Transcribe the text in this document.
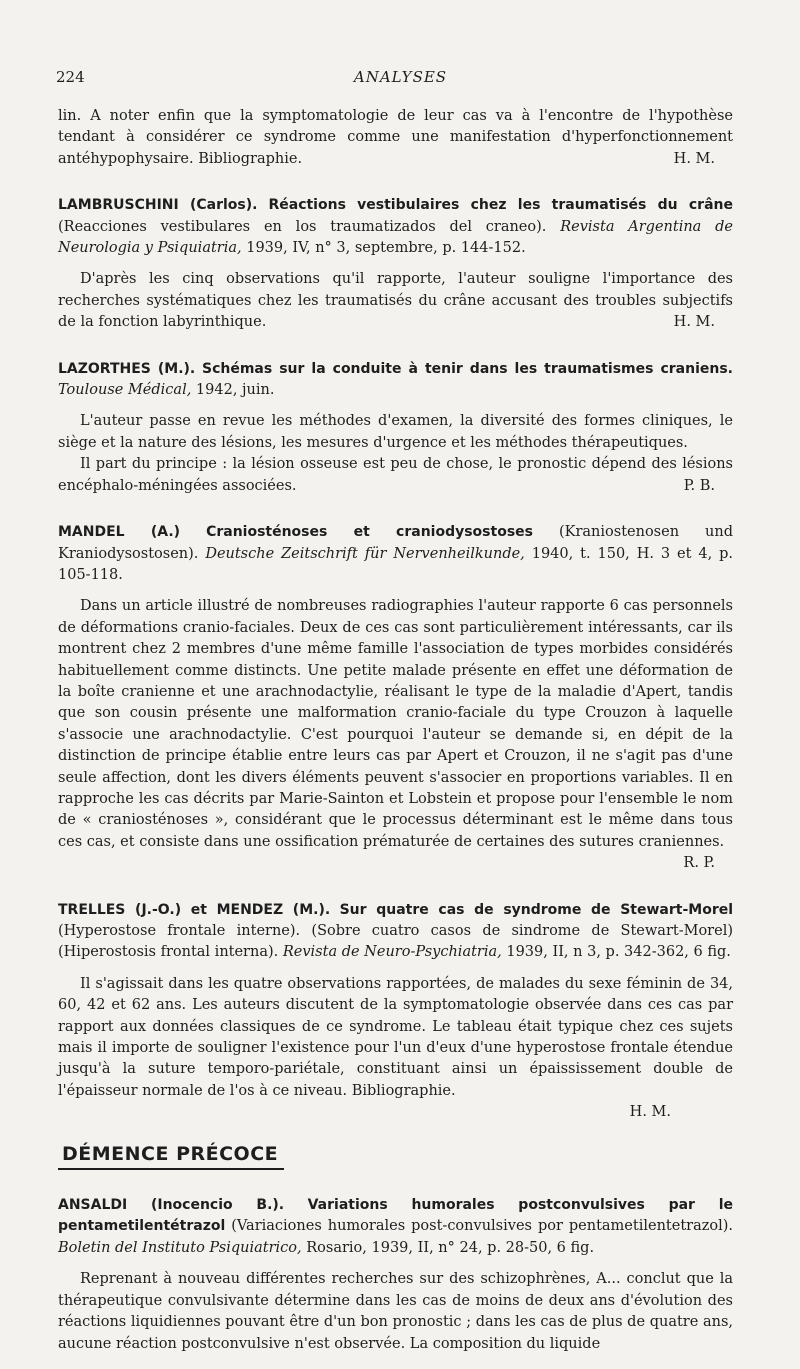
224	ANALYSES

lin. A noter enfin que la symptomatologie de leur cas va à l'encontre de l'hypothèse tendant à considérer ce syndrome comme une manifestation d'hyperfonctionnement antéhypophysaire. Bibliographie.	H. M.

LAMBRUSCHINI (Carlos). Réactions vestibulaires chez les traumatisés du crâne (Reacciones vestibulares en los traumatizados del craneo). Revista Argentina de Neurologia y Psiquiatria, 1939, IV, n° 3, septembre, p. 144-152.

D'après les cinq observations qu'il rapporte, l'auteur souligne l'importance des recherches systématiques chez les traumatisés du crâne accusant des troubles subjectifs de la fonction labyrinthique.	H. M.

LAZORTHES (M.). Schémas sur la conduite à tenir dans les traumatismes craniens. Toulouse Médical, 1942, juin.

L'auteur passe en revue les méthodes d'examen, la diversité des formes cliniques, le siège et la nature des lésions, les mesures d'urgence et les méthodes thérapeutiques.

Il part du principe : la lésion osseuse est peu de chose, le pronostic dépend des lésions encéphalo-méningées associées.	P. B.

MANDEL (A.) Craniosténoses et craniodysostoses (Kraniostenosen und Kraniodysostosen). Deutsche Zeitschrift für Nervenheilkunde, 1940, t. 150, H. 3 et 4, p. 105-118.

Dans un article illustré de nombreuses radiographies l'auteur rapporte 6 cas personnels de déformations cranio-faciales. Deux de ces cas sont particulièrement intéressants, car ils montrent chez 2 membres d'une même famille l'association de types morbides considérés habituellement comme distincts. Une petite malade présente en effet une déformation de la boîte cranienne et une arachnodactylie, réalisant le type de la maladie d'Apert, tandis que son cousin présente une malformation cranio-faciale du type Crouzon à laquelle s'associe une arachnodactylie. C'est pourquoi l'auteur se demande si, en dépit de la distinction de principe établie entre leurs cas par Apert et Crouzon, il ne s'agit pas d'une seule affection, dont les divers éléments peuvent s'associer en proportions variables. Il en rapproche les cas décrits par Marie-Sainton et Lobstein et propose pour l'ensemble le nom de « craniosténoses », considérant que le processus déterminant est le même dans tous ces cas, et consiste dans une ossification prématurée de certaines des sutures craniennes.
R. P.

TRELLES (J.-O.) et MENDEZ (M.). Sur quatre cas de syndrome de Stewart-Morel (Hyperostose frontale interne). (Sobre cuatro casos de sindrome de Stewart-Morel) (Hiperostosis frontal interna). Revista de Neuro-Psychiatria, 1939, II, n 3, p. 342-362, 6 fig.

Il s'agissait dans les quatre observations rapportées, de malades du sexe féminin de 34, 60, 42 et 62 ans. Les auteurs discutent de la symptomatologie observée dans ces cas par rapport aux données classiques de ce syndrome. Le tableau était typique chez ces sujets mais il importe de souligner l'existence pour l'un d'eux d'une hyperostose frontale étendue jusqu'à la suture temporo-pariétale, constituant ainsi un épaississement double de l'épaisseur normale de l'os à ce niveau. Bibliographie.

H. M.

DÉMENCE PRÉCOCE

ANSALDI (Inocencio B.). Variations humorales postconvulsives par le pentametilentétrazol (Variaciones humorales post-convulsives por pentametilentetrazol). Boletin del Instituto Psiquiatrico, Rosario, 1939, II, n° 24, p. 28-50, 6 fig.

Reprenant à nouveau différentes recherches sur des schizophrènes, A... conclut que la thérapeutique convulsivante détermine dans les cas de moins de deux ans d'évolution des réactions liquidiennes pouvant être d'un bon pronostic ; dans les cas de plus de quatre ans, aucune réaction postconvulsive n'est observée. La composition du liquide
